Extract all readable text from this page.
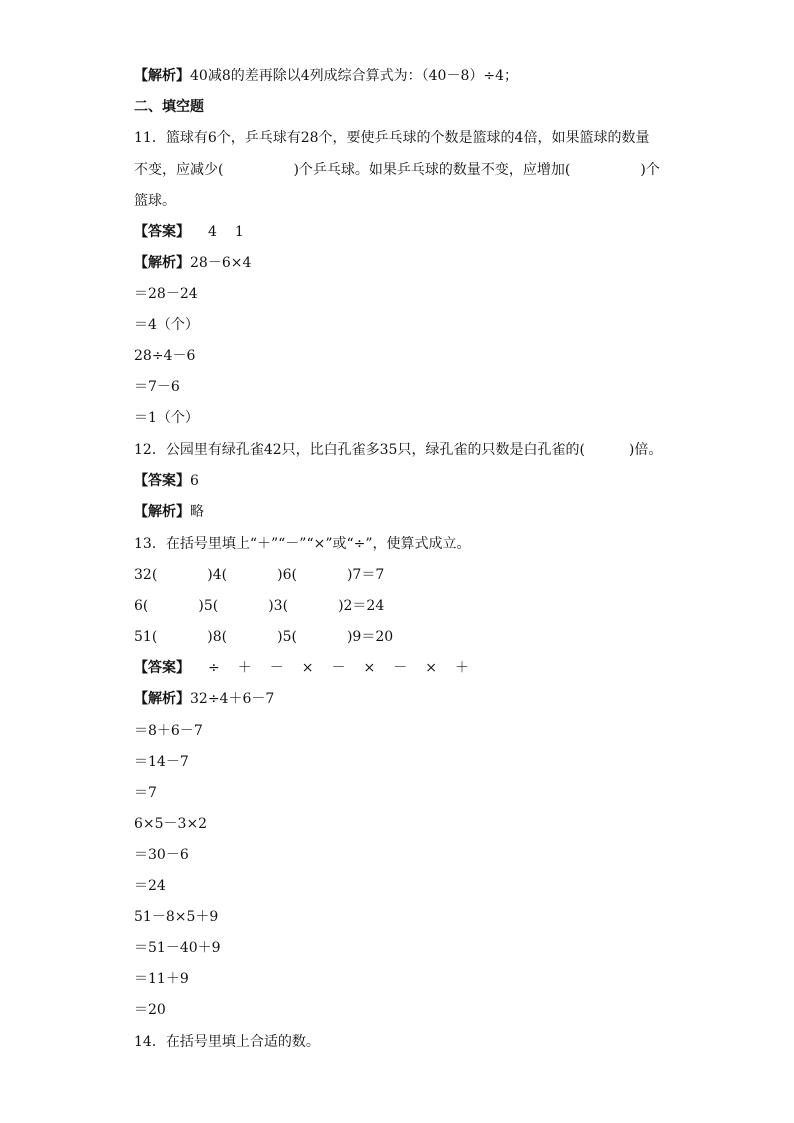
【解析】40减8的差再除以4列成综合算式为：（40－8）÷4；
二、填空题
11．篮球有6个，乒乓球有28个，要使乒乓球的个数是篮球的4倍，如果篮球的数量
不变，应减少(	)个乒乓球。如果乒乓球的数量不变，应增加(	)个
篮球。
【答案】 4 1
【解析】28－6×4
＝28－24
＝4（个）
28÷4－6
＝7－6
＝1（个）
12．公园里有绿孔雀42只，比白孔雀多35只，绿孔雀的只数是白孔雀的(	)倍。
【答案】6
【解析】略
13．在括号里填上“＋”“－”“×”或“÷”，使算式成立。
32(	)4(	)6(	)7＝7
6(	)5(	)3(	)2＝24
51(	)8(	)5(	)9＝20
【答案】 ÷ ＋ － × － × － × ＋
【解析】32÷4＋6－7
＝8＋6－7
＝14－7
＝7
6×5－3×2
＝30－6
＝24
51－8×5＋9
＝51－40＋9
＝11＋9
＝20
14．在括号里填上合适的数。
